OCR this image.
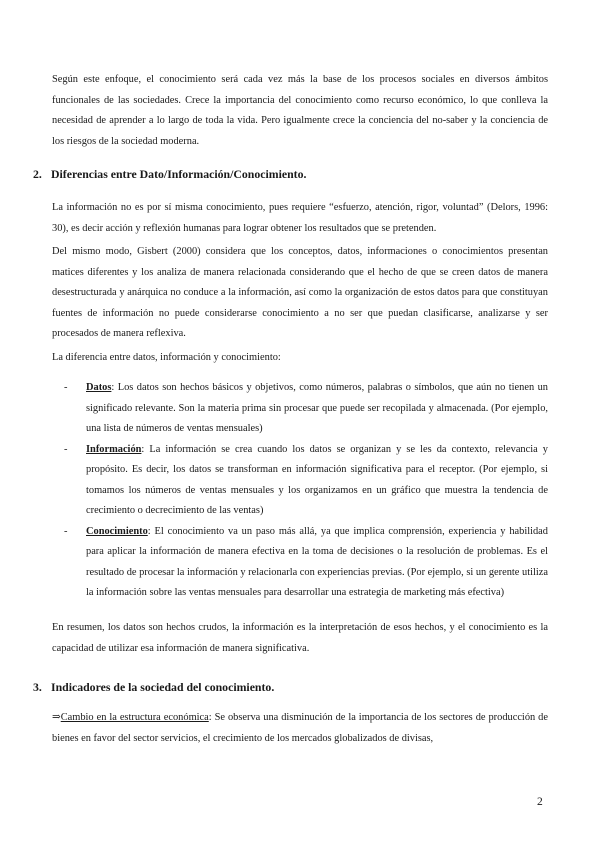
Según este enfoque, el conocimiento será cada vez más la base de los procesos sociales en diversos ámbitos funcionales de las sociedades. Crece la importancia del conocimiento como recurso económico, lo que conlleva la necesidad de aprender a lo largo de toda la vida. Pero igualmente crece la conciencia del no-saber y la conciencia de los riesgos de la sociedad moderna.

2. Diferencias entre Dato/Información/Conocimiento.

La información no es por sí misma conocimiento, pues requiere “esfuerzo, atención, rigor, voluntad” (Delors, 1996: 30), es decir acción y reflexión humanas para lograr obtener los resultados que se pretenden.

Del mismo modo, Gisbert (2000) considera que los conceptos, datos, informaciones o conocimientos presentan matices diferentes y los analiza de manera relacionada considerando que el hecho de que se creen datos de manera desestructurada y anárquica no conduce a la información, así como la organización de estos datos para que constituyan fuentes de información no puede considerarse conocimiento a no ser que puedan clasificarse, analizarse y ser procesados de manera reflexiva.

La diferencia entre datos, información y conocimiento:

- Datos: Los datos son hechos básicos y objetivos, como números, palabras o símbolos, que aún no tienen un significado relevante. Son la materia prima sin procesar que puede ser recopilada y almacenada. (Por ejemplo, una lista de números de ventas mensuales)
- Información: La información se crea cuando los datos se organizan y se les da contexto, relevancia y propósito. Es decir, los datos se transforman en información significativa para el receptor. (Por ejemplo, si tomamos los números de ventas mensuales y los organizamos en un gráfico que muestra la tendencia de crecimiento o decrecimiento de las ventas)
- Conocimiento: El conocimiento va un paso más allá, ya que implica comprensión, experiencia y habilidad para aplicar la información de manera efectiva en la toma de decisiones o la resolución de problemas. Es el resultado de procesar la información y relacionarla con experiencias previas. (Por ejemplo, si un gerente utiliza la información sobre las ventas mensuales para desarrollar una estrategia de marketing más efectiva)

En resumen, los datos son hechos crudos, la información es la interpretación de esos hechos, y el conocimiento es la capacidad de utilizar esa información de manera significativa.

3. Indicadores de la sociedad del conocimiento.

⇒Cambio en la estructura económica: Se observa una disminución de la importancia de los sectores de producción de bienes en favor del sector servicios, el crecimiento de los mercados globalizados de divisas,

2
